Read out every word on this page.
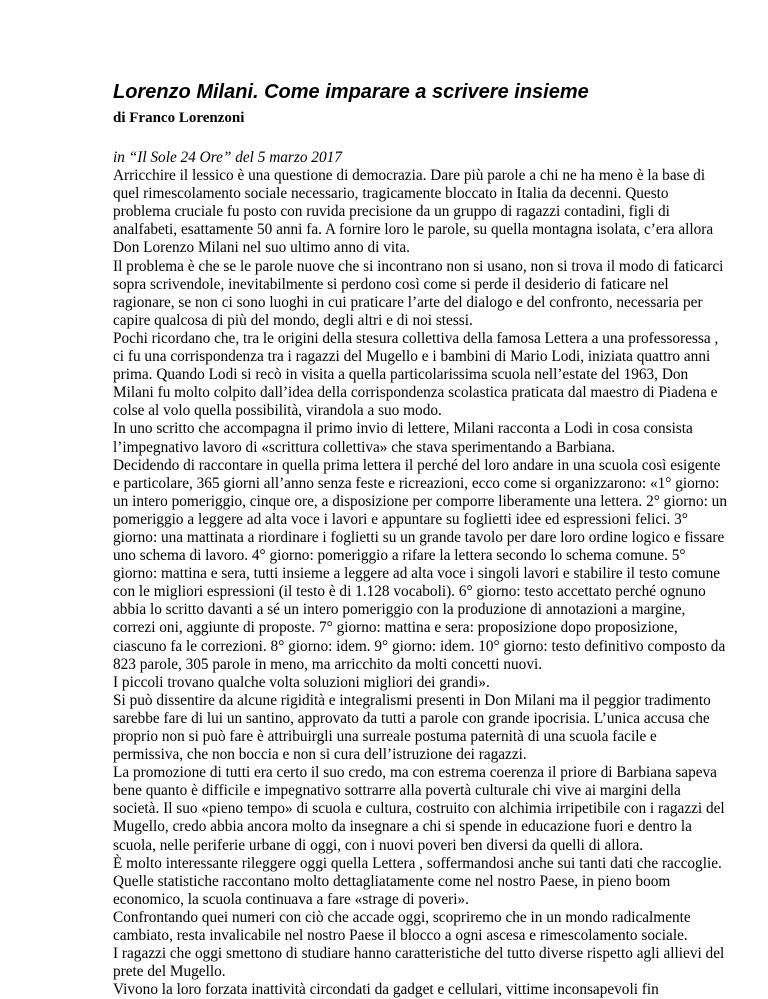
Lorenzo Milani. Come imparare a scrivere insieme
di Franco Lorenzoni
in “Il Sole 24 Ore” del 5 marzo 2017
Arricchire il lessico è una questione di democrazia. Dare più parole a chi ne ha meno è la base di
quel rimescolamento sociale necessario, tragicamente bloccato in Italia da decenni. Questo
problema cruciale fu posto con ruvida precisione da un gruppo di ragazzi contadini, figli di
analfabeti, esattamente 50 anni fa. A fornire loro le parole, su quella montagna isolata, c’era allora
Don Lorenzo Milani nel suo ultimo anno di vita.
Il problema è che se le parole nuove che si incontrano non si usano, non si trova il modo di faticarci
sopra scrivendole, inevitabilmente si perdono così come si perde il desiderio di faticare nel
ragionare, se non ci sono luoghi in cui praticare l’arte del dialogo e del confronto, necessaria per
capire qualcosa di più del mondo, degli altri e di noi stessi.
Pochi ricordano che, tra le origini della stesura collettiva della famosa Lettera a una professoressa ,
ci fu una corrispondenza tra i ragazzi del Mugello e i bambini di Mario Lodi, iniziata quattro anni
prima. Quando Lodi si recò in visita a quella particolarissima scuola nell’estate del 1963, Don
Milani fu molto colpito dall’idea della corrispondenza scolastica praticata dal maestro di Piadena e
colse al volo quella possibilità, virandola a suo modo.
In uno scritto che accompagna il primo invio di lettere, Milani racconta a Lodi in cosa consista
l’impegnativo lavoro di «scrittura collettiva» che stava sperimentando a Barbiana.
Decidendo di raccontare in quella prima lettera il perché del loro andare in una scuola così esigente
e particolare, 365 giorni all’anno senza feste e ricreazioni, ecco come si organizzarono: «1° giorno:
un intero pomeriggio, cinque ore, a disposizione per comporre liberamente una lettera. 2° giorno: un
pomeriggio a leggere ad alta voce i lavori e appuntare su foglietti idee ed espressioni felici. 3°
giorno: una mattinata a riordinare i foglietti su un grande tavolo per dare loro ordine logico e fissare
uno schema di lavoro. 4° giorno: pomeriggio a rifare la lettera secondo lo schema comune. 5°
giorno: mattina e sera, tutti insieme a leggere ad alta voce i singoli lavori e stabilire il testo comune
con le migliori espressioni (il testo è di 1.128 vocaboli). 6° giorno: testo accettato perché ognuno
abbia lo scritto davanti a sé un intero pomeriggio con la produzione di annotazioni a margine,
correzi oni, aggiunte di proposte. 7° giorno: mattina e sera: proposizione dopo proposizione,
ciascuno fa le correzioni. 8° giorno: idem. 9° giorno: idem. 10° giorno: testo definitivo composto da
823 parole, 305 parole in meno, ma arricchito da molti concetti nuovi.
I piccoli trovano qualche volta soluzioni migliori dei grandi».
Si può dissentire da alcune rigidità e integralismi presenti in Don Milani ma il peggior tradimento
sarebbe fare di lui un santino, approvato da tutti a parole con grande ipocrisia. L’unica accusa che
proprio non si può fare è attribuirgli una surreale postuma paternità di una scuola facile e
permissiva, che non boccia e non si cura dell’istruzione dei ragazzi.
La promozione di tutti era certo il suo credo, ma con estrema coerenza il priore di Barbiana sapeva
bene quanto è difficile e impegnativo sottrarre alla povertà culturale chi vive ai margini della
società. Il suo «pieno tempo» di scuola e cultura, costruito con alchimia irripetibile con i ragazzi del
Mugello, credo abbia ancora molto da insegnare a chi si spende in educazione fuori e dentro la
scuola, nelle periferie urbane di oggi, con i nuovi poveri ben diversi da quelli di allora.
È molto interessante rileggere oggi quella Lettera , soffermandosi anche sui tanti dati che raccoglie.
Quelle statistiche raccontano molto dettagliatamente come nel nostro Paese, in pieno boom
economico, la scuola continuava a fare «strage di poveri».
Confrontando quei numeri con ciò che accade oggi, scopriremo che in un mondo radicalmente
cambiato, resta invalicabile nel nostro Paese il blocco a ogni ascesa e rimescolamento sociale.
I ragazzi che oggi smettono di studiare hanno caratteristiche del tutto diverse rispetto agli allievi del
prete del Mugello.
Vivono la loro forzata inattività circondati da gadget e cellulari, vittime inconsapevoli fin
